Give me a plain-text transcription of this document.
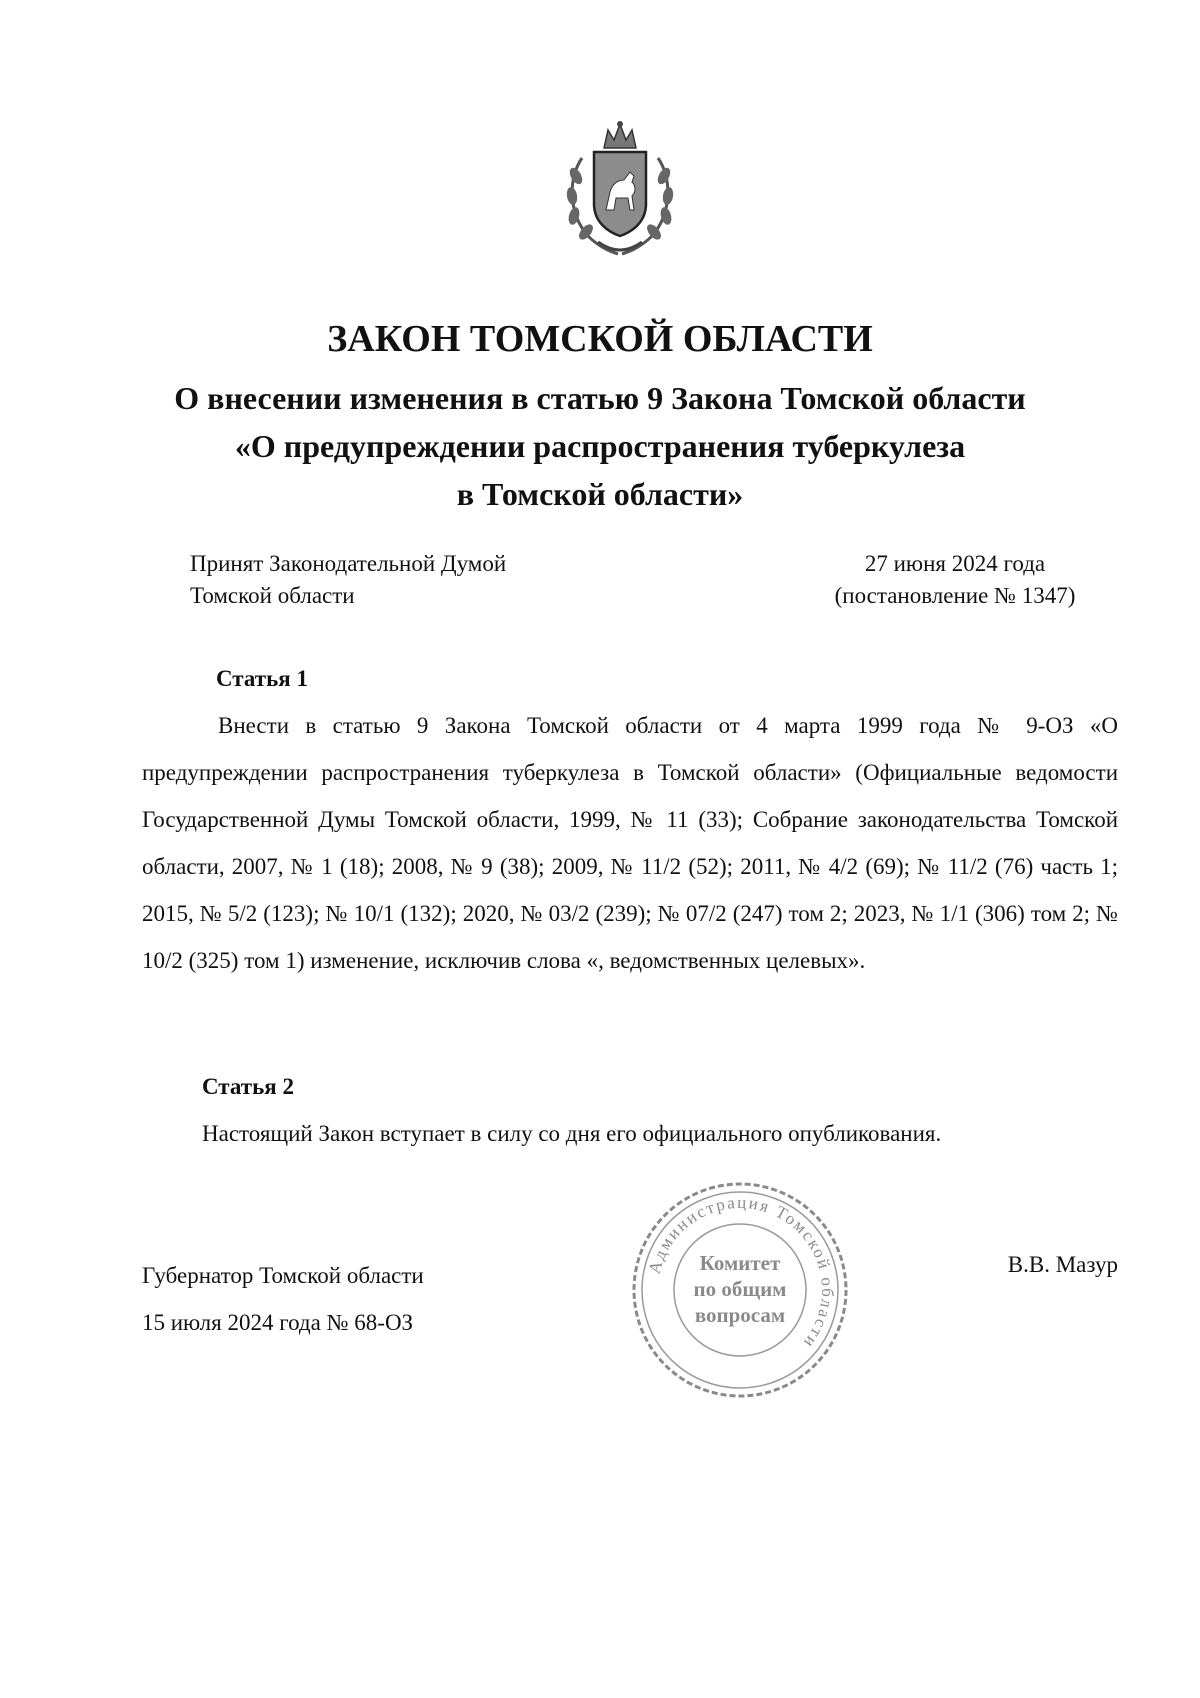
ЗАКОН ТОМСКОЙ ОБЛАСТИ
О внесении изменения в статью 9 Закона Томской области
«О предупреждении распространения туберкулеза
в Томской области»
Принят Законодательной Думой
Томской области
27 июня 2024 года
(постановление № 1347)
Статья 1

Внести в статью 9 Закона Томской области от 4 марта 1999 года № 9-ОЗ «О предупреждении распространения туберкулеза в Томской области» (Официальные ведомости Государственной Думы Томской области, 1999, № 11 (33); Собрание законодательства Томской области, 2007, № 1 (18); 2008, № 9 (38); 2009, № 11/2 (52); 2011, № 4/2 (69); № 11/2 (76) часть 1; 2015, № 5/2 (123); № 10/1 (132); 2020, № 03/2 (239); № 07/2 (247) том 2; 2023, № 1/1 (306) том 2; № 10/2 (325) том 1) изменение, исключив слова «, ведомственных целевых».

Статья 2

Настоящий Закон вступает в силу со дня его официального опубликования.

Губернатор Томской области
15 июля 2024 года № 68-ОЗ
В.В. Мазур
Администрация Томской области
Комитет
по общим
вопросам
